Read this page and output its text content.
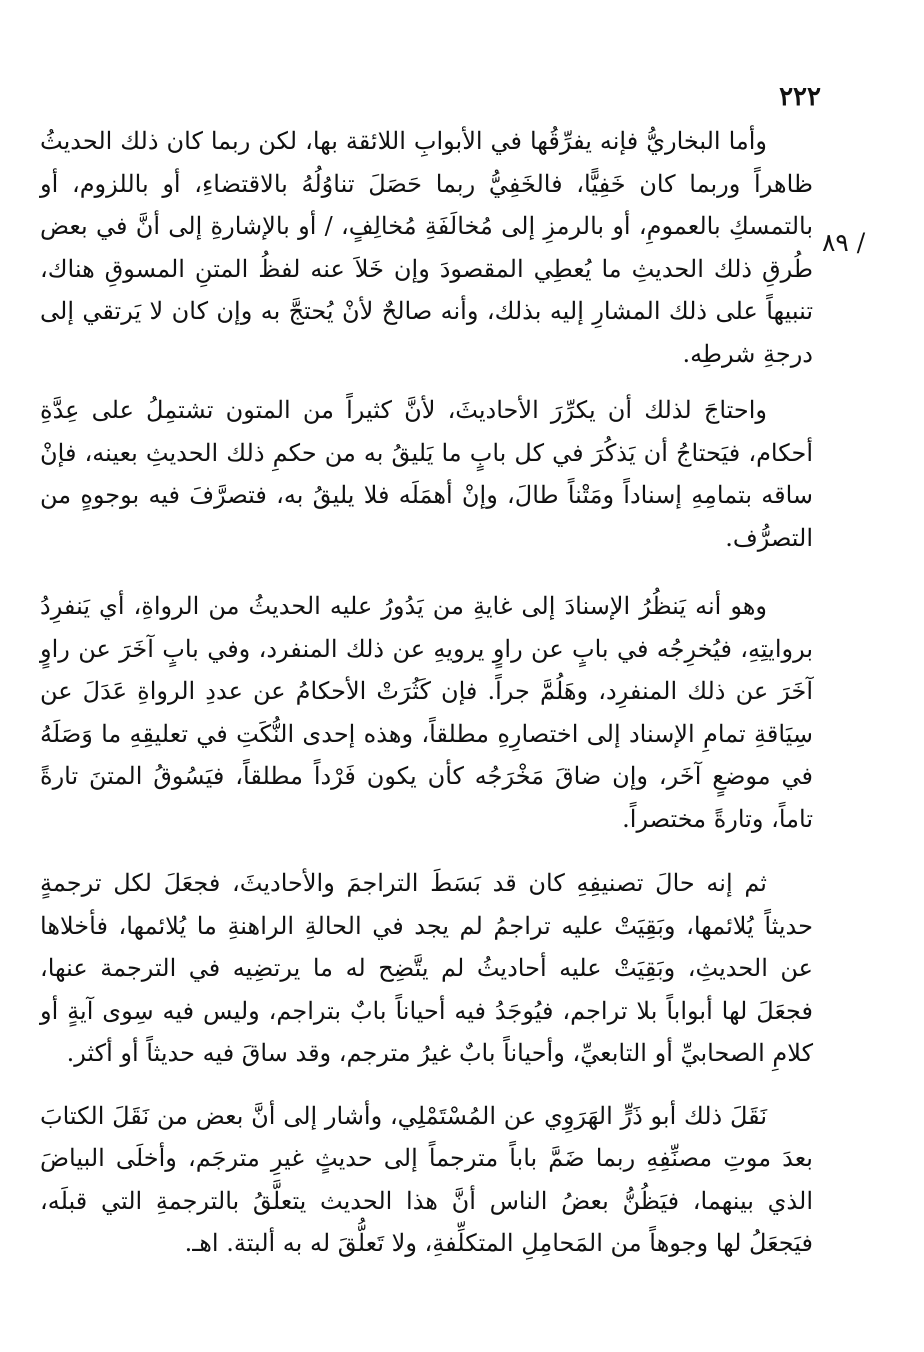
٢٢٢
/ ٨٩

وأما البخاريُّ فإنه يفرِّقُها في الأبوابِ اللائقة بها، لكن ربما كان ذلك الحديثُ ظاهراً وربما كان خَفِيًّا، فالخَفِيُّ ربما حَصَلَ تناوُلُهُ بالاقتضاءِ، أو باللزوم، أو بالتمسكِ بالعمومِ، أو بالرمزِ إلى مُخالَفَةِ مُخالِفٍ، / أو بالإشارةِ إلى أنَّ في بعض طُرقِ ذلك الحديثِ ما يُعطِي المقصودَ وإن خَلاَ عنه لفظُ المتنِ المسوقِ هناك، تنبيهاً على ذلك المشارِ إليه بذلك، وأنه صالحٌ لأنْ يُحتجَّ به وإن كان لا يَرتقي إلى درجةِ شرطِه.

واحتاجَ لذلك أن يكرِّرَ الأحاديثَ، لأنَّ كثيراً من المتون تشتمِلُ على عِدَّةِ أحكام، فيَحتاجُ أن يَذكُرَ في كل بابٍ ما يَليقُ به من حكمِ ذلك الحديثِ بعينه، فإنْ ساقه بتمامِهِ إسناداً ومَتْناً طالَ، وإنْ أهمَلَه فلا يليقُ به، فتصرَّفَ فيه بوجوهٍ من التصرُّف.

وهو أنه يَنظُرُ الإسنادَ إلى غايةِ من يَدُورُ عليه الحديثُ من الرواةِ، أي يَنفرِدُ بروايتِهِ، فيُخرِجُه في بابٍ عن راوٍ يرويهِ عن ذلك المنفرد، وفي بابٍ آخَرَ عن راوٍ آخَرَ عن ذلك المنفرِد، وهَلُمَّ جراً. فإن كَثُرَتْ الأحكامُ عن عددِ الرواةِ عَدَلَ عن سِيَاقةِ تمامِ الإسناد إلى اختصارِهِ مطلقاً، وهذه إحدى النُّكَتِ في تعليقِهِ ما وَصَلَهُ في موضعٍ آخَر، وإن ضاقَ مَخْرَجُه كأن يكون فَرْداً مطلقاً، فيَسُوقُ المتنَ تارةً تاماً، وتارةً مختصراً.

ثم إنه حالَ تصنيفِهِ كان قد بَسَطَ التراجمَ والأحاديثَ، فجعَلَ لكل ترجمةٍ حديثاً يُلائمها، وبَقِيَتْ عليه تراجمُ لم يجد في الحالةِ الراهنةِ ما يُلائمها، فأخلاها عن الحديثِ، وبَقِيَتْ عليه أحاديثُ لم يتَّضِح له ما يرتضِيه في الترجمة عنها، فجعَلَ لها أبواباً بلا تراجم، فيُوجَدُ فيه أحياناً بابٌ بتراجم، وليس فيه سِوى آيةٍ أو كلامِ الصحابيِّ أو التابعيِّ، وأحياناً بابٌ غيرُ مترجم، وقد ساقَ فيه حديثاً أو أكثر.

نَقَلَ ذلك أبو ذَرٍّ الهَرَوِي عن المُسْتَمْلِي، وأشار إلى أنَّ بعض من نَقَلَ الكتابَ بعدَ موتِ مصنِّفِهِ ربما ضَمَّ باباً مترجماً إلى حديثٍ غيرِ مترجَم، وأخلَى البياضَ الذي بينهما، فيَظُنُّ بعضُ الناس أنَّ هذا الحديث يتعلَّقُ بالترجمةِ التي قبلَه، فيَجعَلُ لها وجوهاً من المَحامِلِ المتكلِّفةِ، ولا تَعلُّقَ له به ألبتة. اهـ.
